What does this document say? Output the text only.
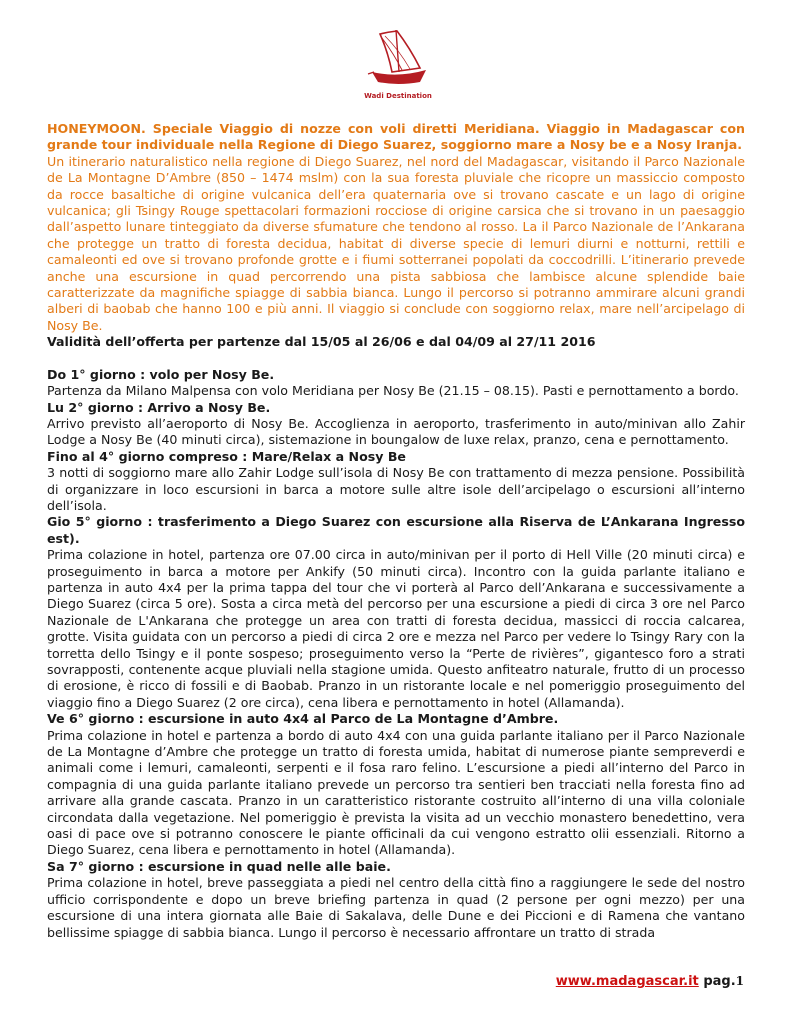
Wadi Destination

HONEYMOON. Speciale Viaggio di nozze con voli diretti Meridiana. Viaggio in Madagascar con grande tour individuale nella Regione di Diego Suarez, soggiorno mare a Nosy be e a Nosy Iranja.

Un itinerario naturalistico nella regione di Diego Suarez, nel nord del Madagascar, visitando il Parco Nazionale de La Montagne D’Ambre (850 – 1474 mslm) con la sua foresta pluviale che ricopre un massiccio composto da rocce basaltiche di origine vulcanica dell’era quaternaria ove si trovano cascate e un lago di origine vulcanica; gli Tsingy Rouge spettacolari formazioni rocciose di origine carsica che si trovano in un paesaggio dall’aspetto lunare tinteggiato da diverse sfumature che tendono al rosso. La il Parco Nazionale de l’Ankarana che protegge un tratto di foresta decidua, habitat di diverse specie di lemuri diurni e notturni, rettili e camaleonti ed ove si trovano profonde grotte e i fiumi sotterranei popolati da coccodrilli. L’itinerario prevede anche una escursione in quad percorrendo una pista sabbiosa che lambisce alcune splendide baie caratterizzate da magnifiche spiagge di sabbia bianca. Lungo il percorso si potranno ammirare alcuni grandi alberi di baobab che hanno 100 e più anni. Il viaggio si conclude con soggiorno relax, mare nell’arcipelago di Nosy Be.

Validità dell’offerta per partenze dal 15/05 al 26/06 e dal 04/09 al 27/11 2016

Do 1° giorno : volo per Nosy Be.

Partenza da Milano Malpensa con volo Meridiana per Nosy Be (21.15 – 08.15). Pasti e pernottamento a bordo.

Lu 2° giorno : Arrivo a Nosy Be.

Arrivo previsto all’aeroporto di Nosy Be. Accoglienza in aeroporto, trasferimento in auto/minivan allo Zahir Lodge a Nosy Be (40 minuti circa), sistemazione in boungalow de luxe relax, pranzo, cena e pernottamento.

Fino al 4° giorno compreso : Mare/Relax a Nosy Be

3 notti di soggiorno mare allo Zahir Lodge sull’isola di Nosy Be con trattamento di mezza pensione. Possibilità di organizzare in loco escursioni in barca a motore sulle altre isole dell’arcipelago o escursioni all’interno dell’isola.

Gio 5° giorno : trasferimento a Diego Suarez con escursione alla Riserva de L’Ankarana Ingresso est).

Prima colazione in hotel, partenza ore 07.00 circa in auto/minivan per il porto di Hell Ville (20 minuti circa) e proseguimento in barca a motore per Ankify (50 minuti circa). Incontro con la guida parlante italiano e partenza in auto 4x4 per la prima tappa del tour che vi porterà al Parco dell’Ankarana e successivamente a Diego Suarez (circa 5 ore). Sosta a circa metà del percorso per una escursione a piedi di circa 3 ore nel Parco Nazionale de L'Ankarana che protegge un area con tratti di foresta decidua, massicci di roccia calcarea, grotte. Visita guidata con un percorso a piedi di circa 2 ore e mezza nel Parco per vedere lo Tsingy Rary con la torretta dello Tsingy e il ponte sospeso; proseguimento verso la “Perte de rivières”, gigantesco foro a strati sovrapposti, contenente acque pluviali nella stagione umida. Questo anfiteatro naturale, frutto di un processo di erosione, è ricco di fossili e di Baobab. Pranzo in un ristorante locale e nel pomeriggio proseguimento del viaggio fino a Diego Suarez (2 ore circa), cena libera e pernottamento in hotel (Allamanda).

Ve 6° giorno : escursione in auto 4x4 al Parco de La Montagne d’Ambre.

Prima colazione in hotel e partenza a bordo di auto 4x4 con una guida parlante italiano per il Parco Nazionale de La Montagne d’Ambre che protegge un tratto di foresta umida, habitat di numerose piante sempreverdi e animali come i lemuri, camaleonti, serpenti e il fosa raro felino. L’escursione a piedi all’interno del Parco in compagnia di una guida parlante italiano prevede un percorso tra sentieri ben tracciati nella foresta fino ad arrivare alla grande cascata. Pranzo in un caratteristico ristorante costruito all’interno di una villa coloniale circondata dalla vegetazione. Nel pomeriggio è prevista la visita ad un vecchio monastero benedettino, vera oasi di pace ove si potranno conoscere le piante officinali da cui vengono estratto olii essenziali. Ritorno a Diego Suarez, cena libera e pernottamento in hotel (Allamanda).

Sa 7° giorno : escursione in quad nelle alle baie.

Prima colazione in hotel, breve passeggiata a piedi nel centro della città fino a raggiungere le sede del nostro ufficio corrispondente e dopo un breve briefing partenza in quad (2 persone per ogni mezzo) per una escursione di una intera giornata alle Baie di Sakalava, delle Dune e dei Piccioni e di Ramena che vantano bellissime spiagge di sabbia bianca. Lungo il percorso è necessario affrontare un tratto di strada

www.madagascar.it pag.1
